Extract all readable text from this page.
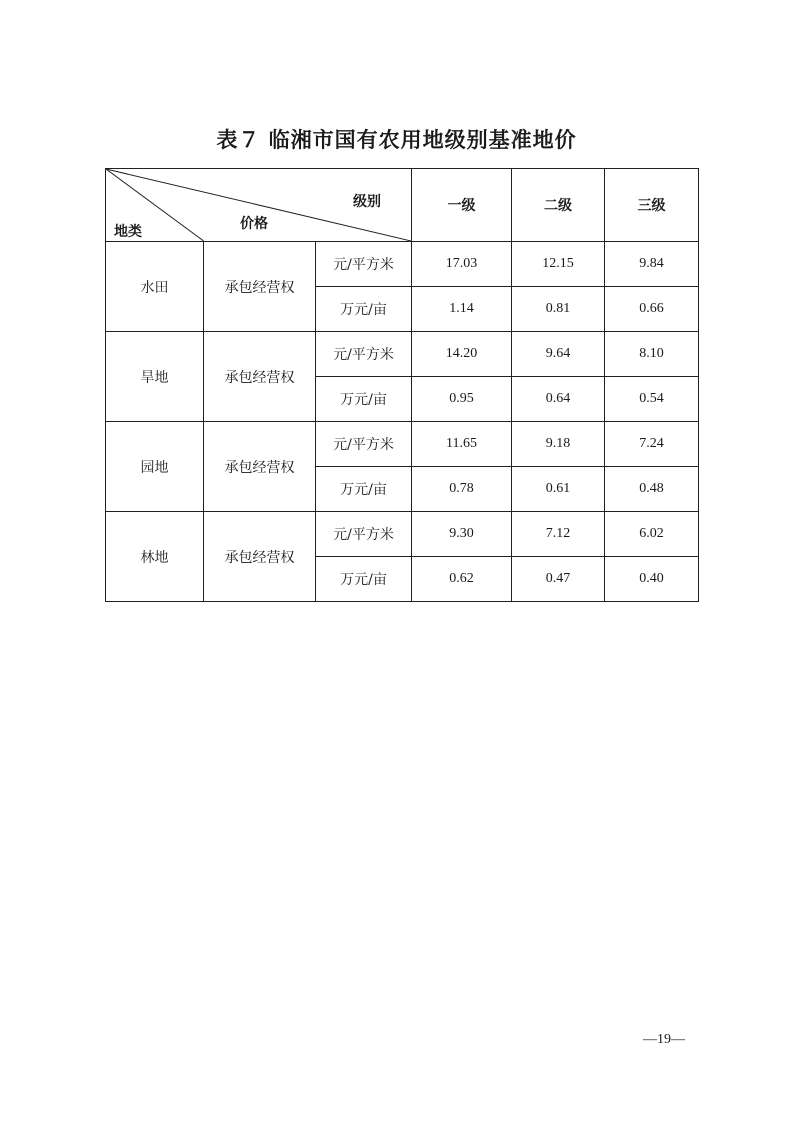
表７ 临湘市国有农用地级别基准地价
级别
价格
地类			一级	二级	三级
水田	承包经营权	元/平方米	17.03	12.15	9.84
		万元/亩	1.14	0.81	0.66
旱地	承包经营权	元/平方米	14.20	9.64	8.10
		万元/亩	0.95	0.64	0.54
园地	承包经营权	元/平方米	11.65	9.18	7.24
		万元/亩	0.78	0.61	0.48
林地	承包经营权	元/平方米	9.30	7.12	6.02
		万元/亩	0.62	0.47	0.40
—19—
